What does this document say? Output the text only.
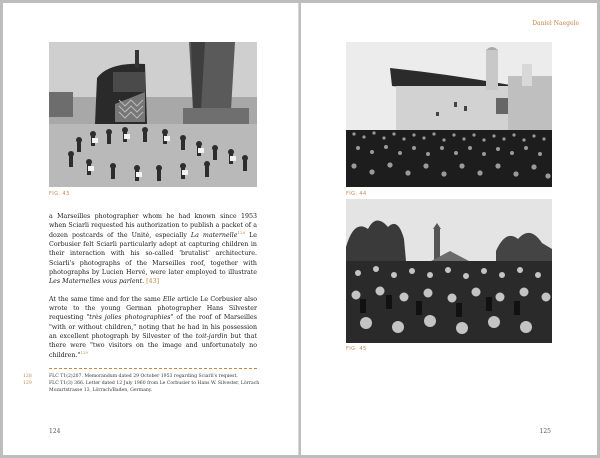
FIG. 43

a Marseilles photographer whom he had known since 1953 when Sciarli requested his authorization to publish a packet of a dozen postcards of the Unité, especially La maternelle$^{128}$ Le Corbusier felt Sciarli particularly adept at capturing children in their interaction with his so-called 'brutalist' architecture. Sciarli's photographs of the Marseilles roof, together with photographs by Lucien Hervé, were later employed to illustrate Les Maternelles vous parlent. [43]

At the same time and for the same Elle article Le Corbusier also wrote to the young German photographer Hans Silvester requesting "très jolies photographies" of the roof of Marseilles "with or without children," noting that he had in his possession an excellent photograph by Silvester of the toit-jardin but that there were "two visitors on the image and unfortunately no children."$^{129}$

128	FLC T1(2)207. Memorandum dated 29 October 1953 regarding Sciarli's request.
129	FLC T1(3) 366. Letter dated 12 July 1960 from Le Corbusier to Hans W. Silvester, Lörrach Mozartstrasse 13, Lörrach/Baden, Germany.
124
Daniel Naegele
FIG. 44
FIG. 45
125
